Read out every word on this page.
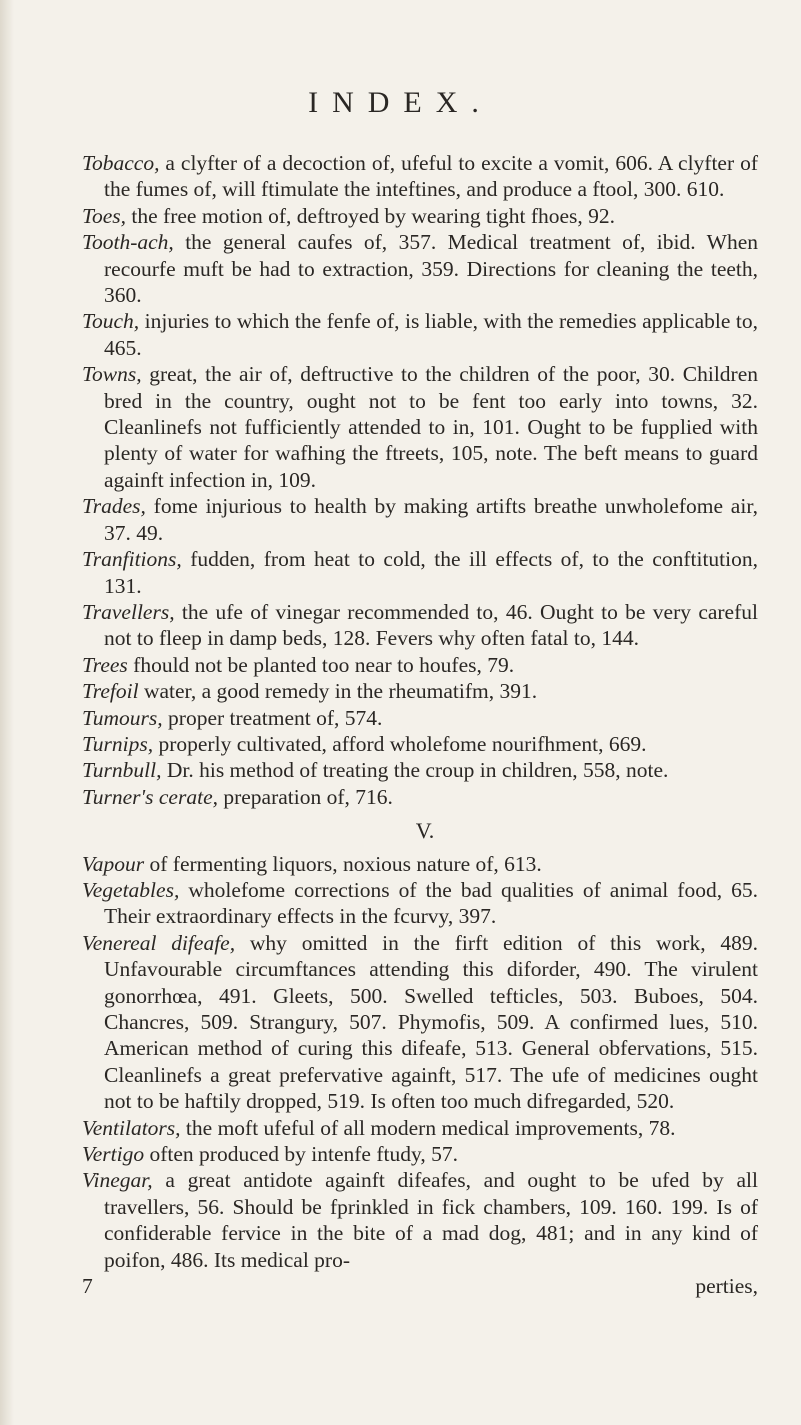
INDEX.

Tobacco, a clyfter of a decoction of, ufeful to excite a vomit, 606. A clyfter of the fumes of, will ftimulate the inteftines, and produce a ftool, 300. 610.

Toes, the free motion of, deftroyed by wearing tight fhoes, 92.

Tooth-ach, the general caufes of, 357. Medical treatment of, ibid. When recourfe muft be had to extraction, 359. Directions for cleaning the teeth, 360.

Touch, injuries to which the fenfe of, is liable, with the remedies applicable to, 465.

Towns, great, the air of, deftructive to the children of the poor, 30. Children bred in the country, ought not to be fent too early into towns, 32. Cleanlinefs not fufficiently attended to in, 101. Ought to be fupplied with plenty of water for wafhing the ftreets, 105, note. The beft means to guard againft infection in, 109.

Trades, fome injurious to health by making artifts breathe unwholefome air, 37. 49.

Tranfitions, fudden, from heat to cold, the ill effects of, to the conftitution, 131.

Travellers, the ufe of vinegar recommended to, 46. Ought to be very careful not to fleep in damp beds, 128. Fevers why often fatal to, 144.

Trees fhould not be planted too near to houfes, 79.

Trefoil water, a good remedy in the rheumatifm, 391.

Tumours, proper treatment of, 574.

Turnips, properly cultivated, afford wholefome nourifhment, 669.

Turnbull, Dr. his method of treating the croup in children, 558, note.

Turner's cerate, preparation of, 716.

V.

Vapour of fermenting liquors, noxious nature of, 613.

Vegetables, wholefome corrections of the bad qualities of animal food, 65. Their extraordinary effects in the fcurvy, 397.

Venereal difeafe, why omitted in the firft edition of this work, 489. Unfavourable circumftances attending this diforder, 490. The virulent gonorrhœa, 491. Gleets, 500. Swelled tefticles, 503. Buboes, 504. Chancres, 509. Strangury, 507. Phymofis, 509. A confirmed lues, 510. American method of curing this difeafe, 513. General obfervations, 515. Cleanlinefs a great prefervative againft, 517. The ufe of medicines ought not to be haftily dropped, 519. Is often too much difregarded, 520.

Ventilators, the moft ufeful of all modern medical improvements, 78.

Vertigo often produced by intenfe ftudy, 57.

Vinegar, a great antidote againft difeafes, and ought to be ufed by all travellers, 56. Should be fprinkled in fick chambers, 109. 160. 199. Is of confiderable fervice in the bite of a mad dog, 481; and in any kind of poifon, 486. Its medical pro-

7	perties,
